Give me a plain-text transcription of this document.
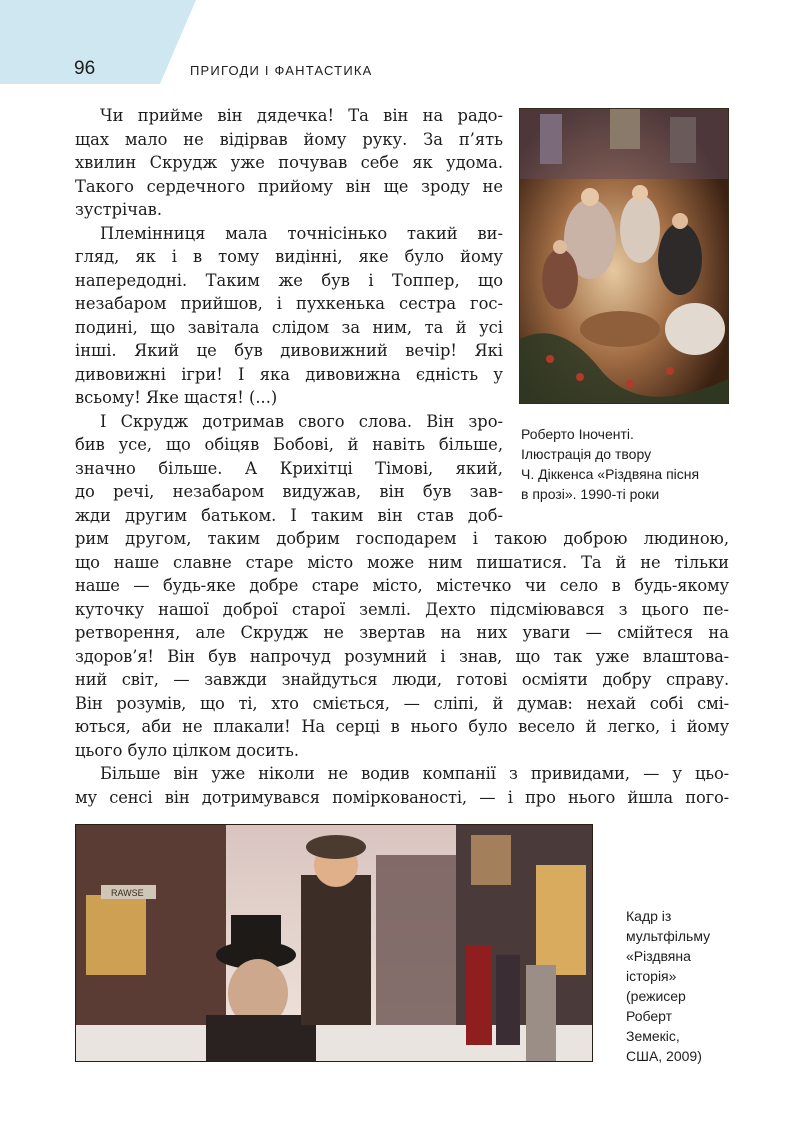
96	ПРИГОДИ І ФАНТАСТИКА
Чи прийме він дядечка! Та він на радо-
щах мало не відірвав йому руку. За п’ять
хвилин Скрудж уже почував себе як удома.
Такого сердечного прийому він ще зроду не
зустрічав.
Племінниця мала точнісінько такий ви-
гляд, як і в тому видінні, яке було йому
напередодні. Таким же був і Топпер, що
незабаром прийшов, і пухкенька сестра гос-
подині, що завітала слідом за ним, та й усі
інші. Який це був дивовижний вечір! Які
дивовижні ігри! І яка дивовижна єдність у
всьому! Яке щастя! (...)
І Скрудж дотримав свого слова. Він зро-
бив усе, що обіцяв Бобові, й навіть більше,
значно більше. А Крихітці Тімові, який,
до речі, незабаром видужав, він був зав-
жди другим батьком. І таким він став доб-
рим другом, таким добрим господарем і такою доброю людиною,
що наше славне старе місто може ним пишатися. Та й не тільки
наше — будь-яке добре старе місто, містечко чи село в будь-якому
куточку нашої доброї старої землі. Дехто підсміювався з цього пе-
ретворення, але Скрудж не звертав на них уваги — смійтеся на
здоров’я! Він був напрочуд розумний і знав, що так уже влаштова-
ний світ, — завжди знайдуться люди, готові осміяти добру справу.
Він розумів, що ті, хто сміється, — сліпі, й думав: нехай собі смі-
ються, аби не плакали! На серці в нього було весело й легко, і йому
цього було цілком досить.
Більше він уже ніколи не водив компанії з привидами, — у цьо-
му сенсі він дотримувався поміркованості, — і про нього йшла пого-
Роберто Іноченті.
Ілюстрація до твору
Ч. Діккенса «Різдвяна пісня
в прозі». 1990-ті роки
RAWSE
Кадр із
мультфільму
«Різдвяна
історія»
(режисер
Роберт
Земекіс,
США, 2009)
